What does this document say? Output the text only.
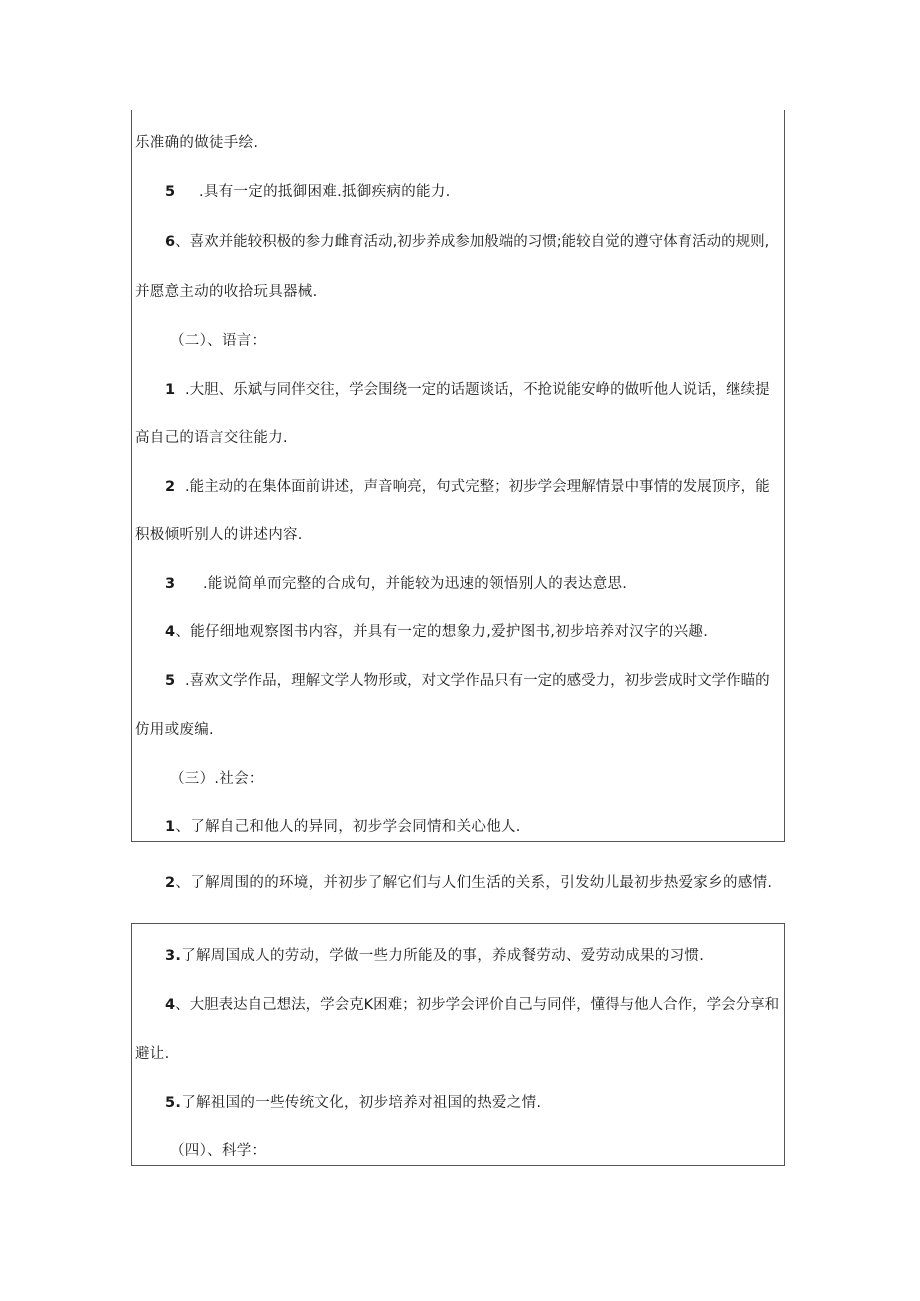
乐准确的做徒手绘.
5 .具有一定的抵御困难.抵御疾病的能力.
6、喜欢并能较积极的参力雌育活动,初步养成参加般端的习惯;能较自觉的遵守体育活动的规则,
并愿意主动的收拾玩具器械.
（二）、语言：
1 .大胆、乐斌与同伴交往，学会围绕一定的话题谈话，不抢说能安峥的做听他人说话，继续提
高自己的语言交往能力.
2 .能主动的在集体面前讲述，声音响亮，句式完整；初步学会理解情景中事情的发展顶序，能
积极倾听别人的讲述内容.
3 .能说简单而完整的合成句，并能较为迅速的领悟别人的表达意思.
4、能仔细地观察图书内容，并具有一定的想象力,爱护图书,初步培养对汉字的兴趣.
5 .喜欢文学作品，理解文学人物形或，对文学作品只有一定的感受力，初步尝成时文学作瞄的
仿用或废编.
（三）.社会：
1、了解自己和他人的异同，初步学会同情和关心他人.
2、了解周围的的环境，并初步了解它们与人们生活的关系，引发幼儿最初步热爱家乡的感情.
3.了解周国成人的劳动，学做一些力所能及的事，养成餐劳动、爱劳动成果的习惯.
4、大胆表达自己想法，学会克K困难；初步学会评价自己与同伴，懂得与他人合作，学会分享和
避让.
5.了解祖国的一些传统文化，初步培养对祖国的热爱之情.
（四）、科学：
